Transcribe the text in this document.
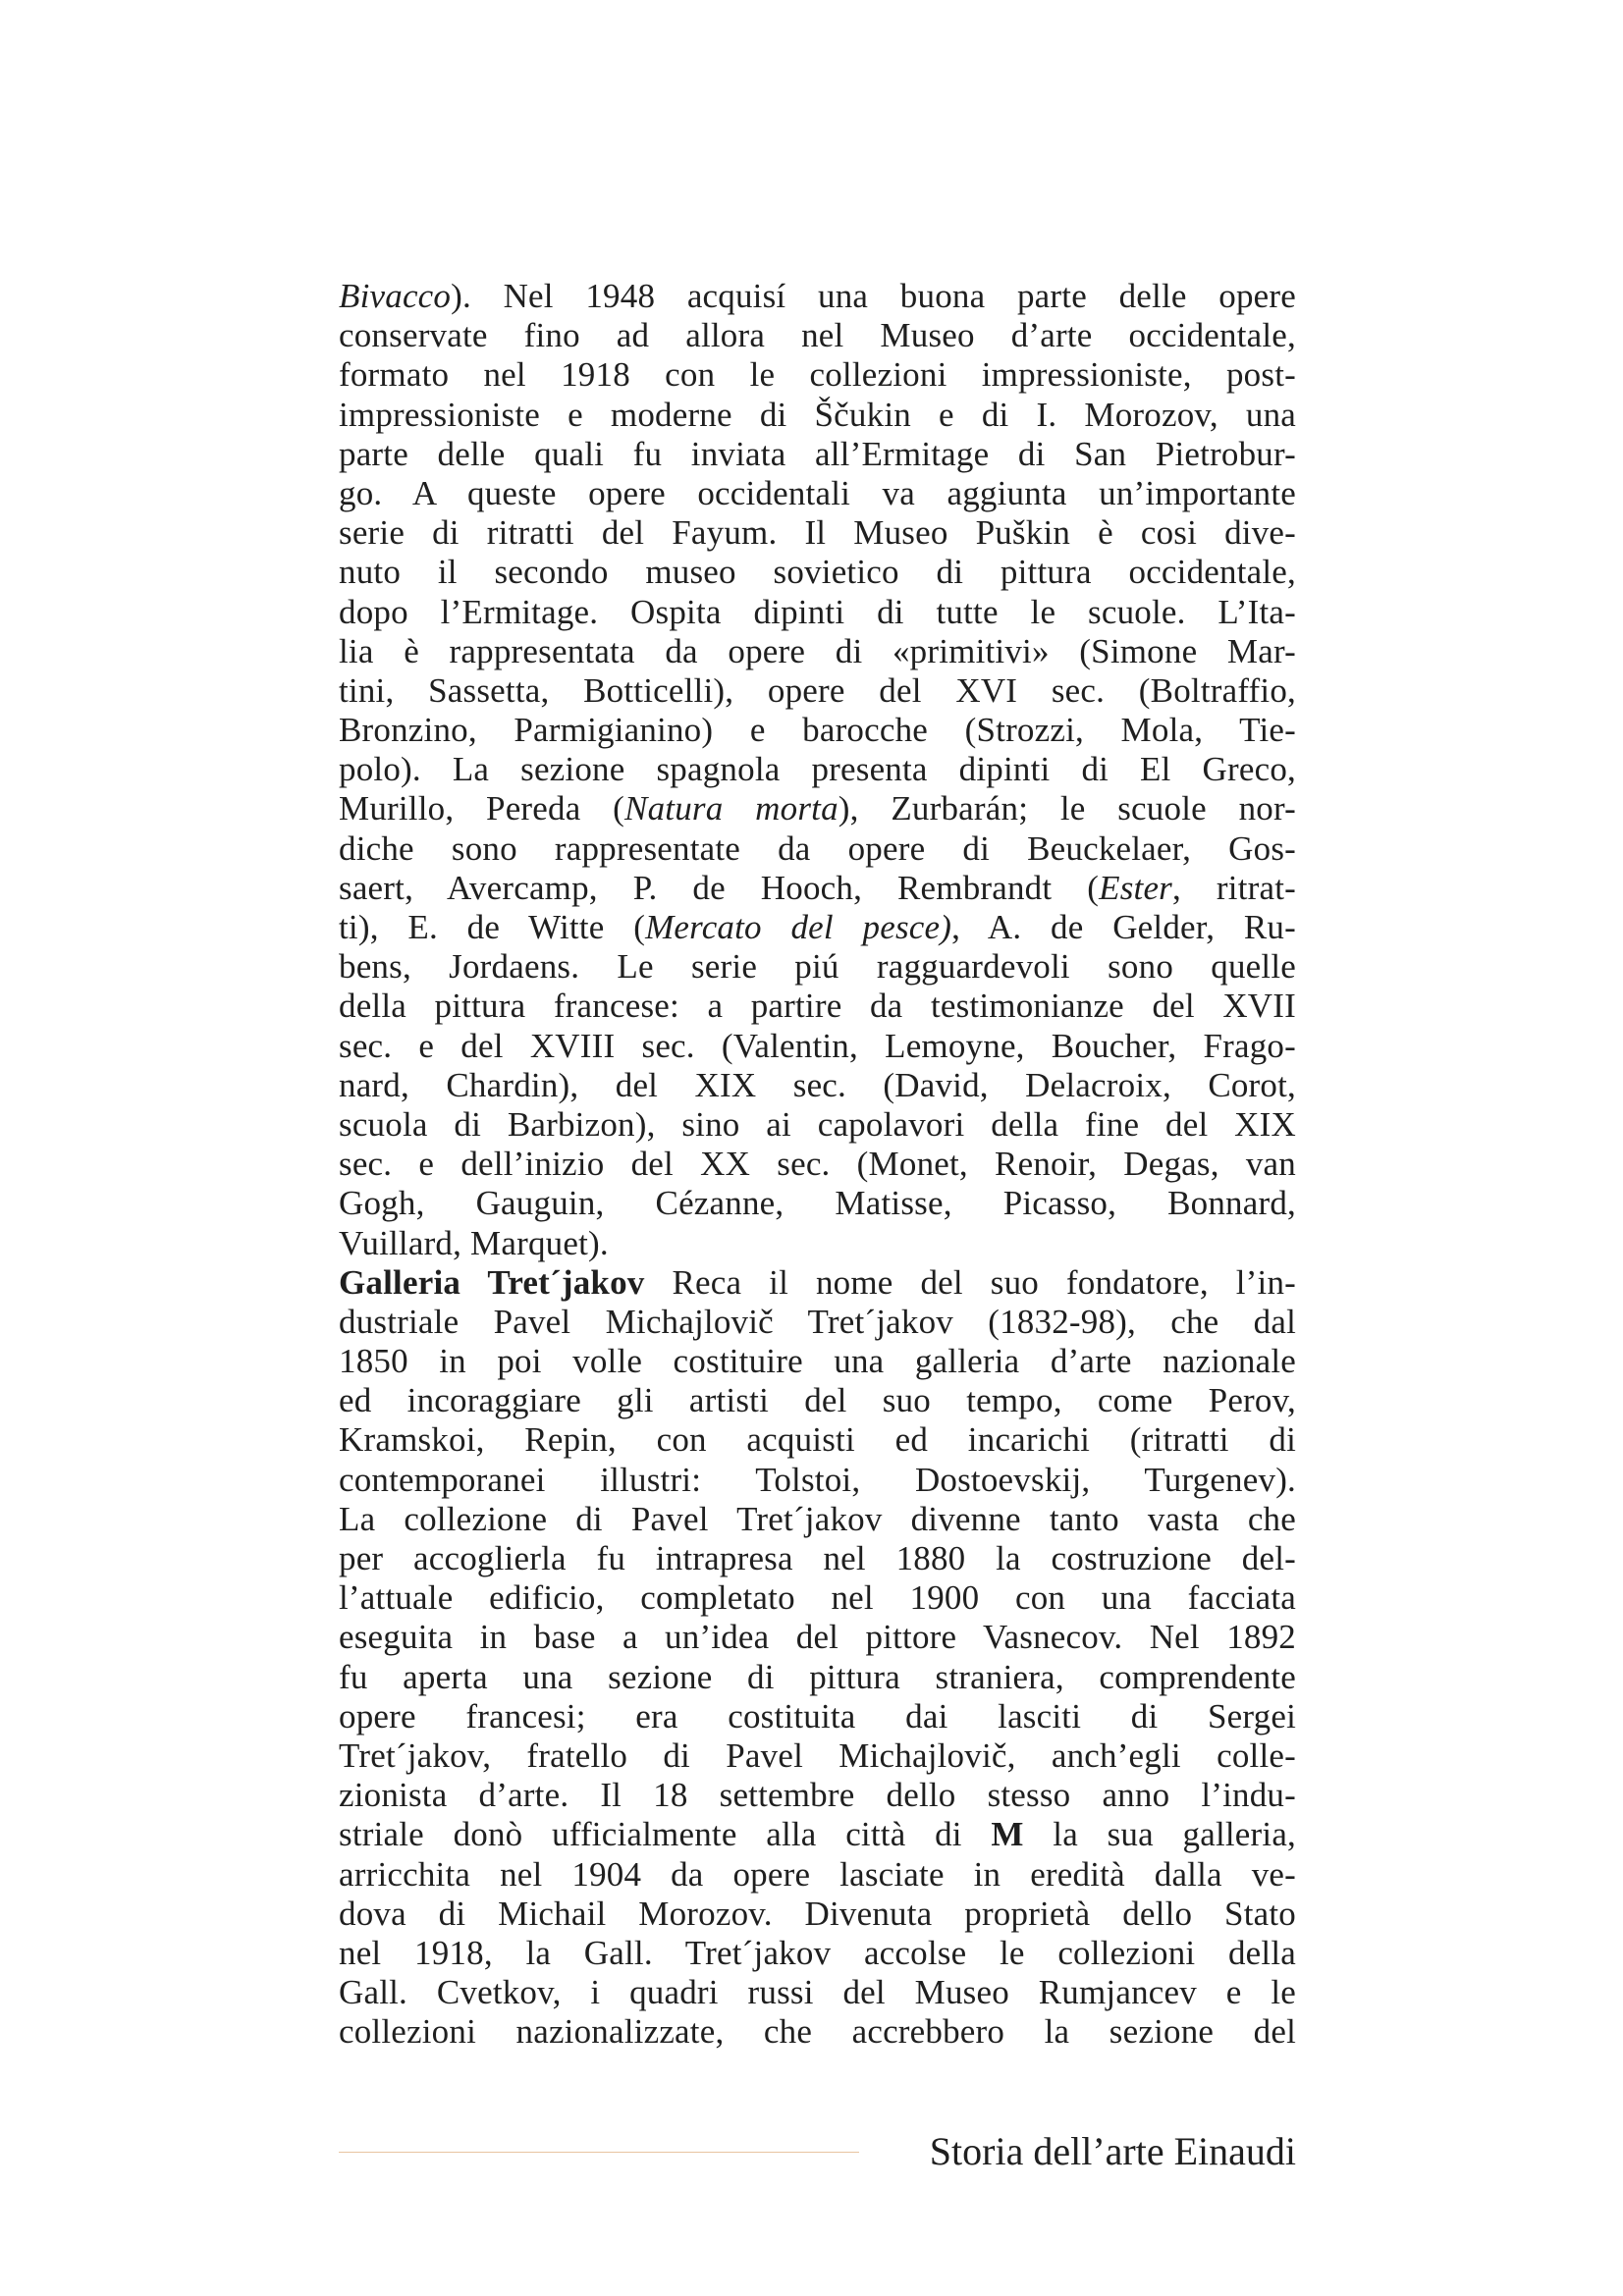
Bivacco). Nel 1948 acquisí una buona parte delle opere
conservate fino ad allora nel Museo d’arte occidentale,
formato nel 1918 con le collezioni impressioniste, post-
impressioniste e moderne di Ščukin e di I. Morozov, una
parte delle quali fu inviata all’Ermitage di San Pietrobur-
go. A queste opere occidentali va aggiunta un’importante
serie di ritratti del Fayum. Il Museo Puškin è cosi dive-
nuto il secondo museo sovietico di pittura occidentale,
dopo l’Ermitage. Ospita dipinti di tutte le scuole. L’Ita-
lia è rappresentata da opere di «primitivi» (Simone Mar-
tini, Sassetta, Botticelli), opere del XVI sec. (Boltraffio,
Bronzino, Parmigianino) e barocche (Strozzi, Mola, Tie-
polo). La sezione spagnola presenta dipinti di El Greco,
Murillo, Pereda (Natura morta), Zurbarán; le scuole nor-
diche sono rappresentate da opere di Beuckelaer, Gos-
saert, Avercamp, P. de Hooch, Rembrandt (Ester, ritrat-
ti), E. de Witte (Mercato del pesce), A. de Gelder, Ru-
bens, Jordaens. Le serie piú ragguardevoli sono quelle
della pittura francese: a partire da testimonianze del XVII
sec. e del XVIII sec. (Valentin, Lemoyne, Boucher, Frago-
nard, Chardin), del XIX sec. (David, Delacroix, Corot,
scuola di Barbizon), sino ai capolavori della fine del XIX
sec. e dell’inizio del XX sec. (Monet, Renoir, Degas, van
Gogh, Gauguin, Cézanne, Matisse, Picasso, Bonnard,
Vuillard, Marquet).
Galleria Tret´jakov Reca il nome del suo fondatore, l’in-
dustriale Pavel Michajlovič Tret´jakov (1832-98), che dal
1850 in poi volle costituire una galleria d’arte nazionale
ed incoraggiare gli artisti del suo tempo, come Perov,
Kramskoi, Repin, con acquisti ed incarichi (ritratti di
contemporanei illustri: Tolstoi, Dostoevskij, Turgenev).
La collezione di Pavel Tret´jakov divenne tanto vasta che
per accoglierla fu intrapresa nel 1880 la costruzione del-
l’attuale edificio, completato nel 1900 con una facciata
eseguita in base a un’idea del pittore Vasnecov. Nel 1892
fu aperta una sezione di pittura straniera, comprendente
opere francesi; era costituita dai lasciti di Sergei
Tret´jakov, fratello di Pavel Michajlovič, anch’egli colle-
zionista d’arte. Il 18 settembre dello stesso anno l’indu-
striale donò ufficialmente alla città di M la sua galleria,
arricchita nel 1904 da opere lasciate in eredità dalla ve-
dova di Michail Morozov. Divenuta proprietà dello Stato
nel 1918, la Gall. Tret´jakov accolse le collezioni della
Gall. Cvetkov, i quadri russi del Museo Rumjancev e le
collezioni nazionalizzate, che accrebbero la sezione del
Storia dell’arte Einaudi
